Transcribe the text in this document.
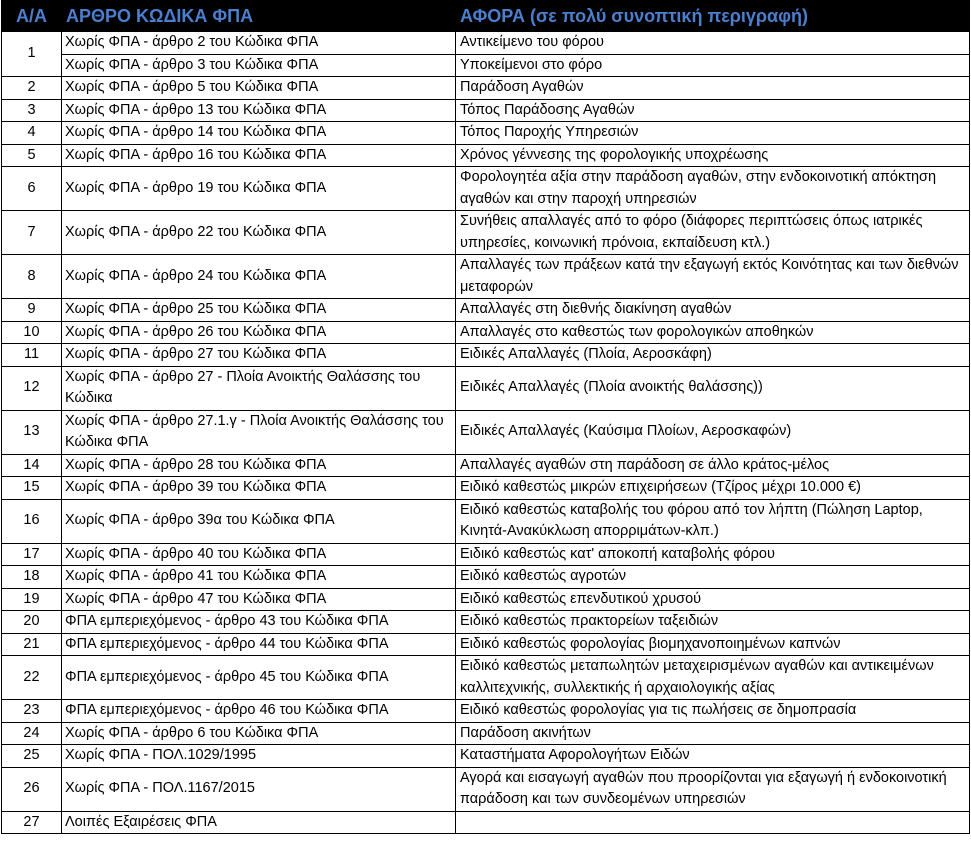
Α/Α	ΑΡΘΡΟ ΚΩΔΙΚΑ ΦΠΑ	ΑΦΟΡΑ (σε πολύ συνοπτική περιγραφή)
1	Χωρίς ΦΠΑ - άρθρο 2 του Κώδικα ΦΠΑ	Αντικείμενο του φόρου
	Χωρίς ΦΠΑ - άρθρο 3 του Κώδικα ΦΠΑ	Υποκείμενοι στο φόρο
2	Χωρίς ΦΠΑ - άρθρο 5 του Κώδικα ΦΠΑ	Παράδοση Αγαθών
3	Χωρίς ΦΠΑ - άρθρο 13 του Κώδικα ΦΠΑ	Τόπος Παράδοσης Αγαθών
4	Χωρίς ΦΠΑ - άρθρο 14 του Κώδικα ΦΠΑ	Τόπος Παροχής Υπηρεσιών
5	Χωρίς ΦΠΑ - άρθρο 16 του Κώδικα ΦΠΑ	Χρόνος γέννεσης της φορολογικής υποχρέωσης
6	Χωρίς ΦΠΑ - άρθρο 19 του Κώδικα ΦΠΑ	Φορολογητέα αξία στην παράδοση αγαθών, στην ενδοκοινοτική απόκτηση αγαθών και στην παροχή υπηρεσιών
7	Χωρίς ΦΠΑ - άρθρο 22 του Κώδικα ΦΠΑ	Συνήθεις απαλλαγές από το φόρο (διάφορες περιπτώσεις όπως ιατρικές υπηρεσίες, κοινωνική πρόνοια, εκπαίδευση κτλ.)
8	Χωρίς ΦΠΑ - άρθρο 24 του Κώδικα ΦΠΑ	Απαλλαγές των πράξεων κατά την εξαγωγή εκτός Κοινότητας και των διεθνών μεταφορών
9	Χωρίς ΦΠΑ - άρθρο 25 του Κώδικα ΦΠΑ	Απαλλαγές στη διεθνής διακίνηση αγαθών
10	Χωρίς ΦΠΑ - άρθρο 26 του Κώδικα ΦΠΑ	Απαλλαγές στο καθεστώς των φορολογικών αποθηκών
11	Χωρίς ΦΠΑ - άρθρο 27 του Κώδικα ΦΠΑ	Ειδικές Απαλλαγές (Πλοία, Αεροσκάφη)
12	Χωρίς ΦΠΑ - άρθρο 27 - Πλοία Ανοικτής Θαλάσσης του Κώδικα	Ειδικές Απαλλαγές (Πλοία ανοικτής θαλάσσης))
13	Χωρίς ΦΠΑ - άρθρο 27.1.γ - Πλοία Ανοικτής Θαλάσσης του Κώδικα ΦΠΑ	Ειδικές Απαλλαγές (Καύσιμα Πλοίων, Αεροσκαφών)
14	Χωρίς ΦΠΑ - άρθρο 28 του Κώδικα ΦΠΑ	Απαλλαγές αγαθών στη παράδοση σε άλλο κράτος-μέλος
15	Χωρίς ΦΠΑ - άρθρο 39 του Κώδικα ΦΠΑ	Ειδικό καθεστώς μικρών επιχειρήσεων (Τζίρος μέχρι 10.000 €)
16	Χωρίς ΦΠΑ - άρθρο 39α του Κώδικα ΦΠΑ	Ειδικό καθεστώς καταβολής του φόρου από τον λήπτη (Πώληση Laptop, Κινητά-Ανακύκλωση απορριμάτων-κλπ.)
17	Χωρίς ΦΠΑ - άρθρο 40 του Κώδικα ΦΠΑ	Ειδικό καθεστώς κατ' αποκοπή καταβολής φόρου
18	Χωρίς ΦΠΑ - άρθρο 41 του Κώδικα ΦΠΑ	Ειδικό καθεστώς αγροτών
19	Χωρίς ΦΠΑ - άρθρο 47 του Κώδικα ΦΠΑ	Ειδικό καθεστώς επενδυτικού χρυσού
20	ΦΠΑ εμπεριεχόμενος - άρθρο 43 του Κώδικα ΦΠΑ	Ειδικό καθεστώς πρακτορείων ταξειδιών
21	ΦΠΑ εμπεριεχόμενος - άρθρο 44 του Κώδικα ΦΠΑ	Ειδικό καθεστώς φορολογίας βιομηχανοποιημένων καπνών
22	ΦΠΑ εμπεριεχόμενος - άρθρο 45 του Κώδικα ΦΠΑ	Ειδικό καθεστώς μεταπωλητών μεταχειρισμένων αγαθών και αντικειμένων καλλιτεχνικής, συλλεκτικής ή αρχαιολογικής αξίας
23	ΦΠΑ εμπεριεχόμενος - άρθρο 46 του Κώδικα ΦΠΑ	Ειδικό καθεστώς φορολογίας για τις πωλήσεις σε δημοπρασία
24	Χωρίς ΦΠΑ - άρθρο 6 του Κώδικα ΦΠΑ	Παράδοση ακινήτων
25	Χωρίς ΦΠΑ - ΠΟΛ.1029/1995	Καταστήματα Αφορολογήτων Ειδών
26	Χωρίς ΦΠΑ - ΠΟΛ.1167/2015	Αγορά και εισαγωγή αγαθών που προορίζονται για εξαγωγή ή ενδοκοινοτική παράδοση και των συνδεομένων υπηρεσιών
27	Λοιπές Εξαιρέσεις ΦΠΑ	
